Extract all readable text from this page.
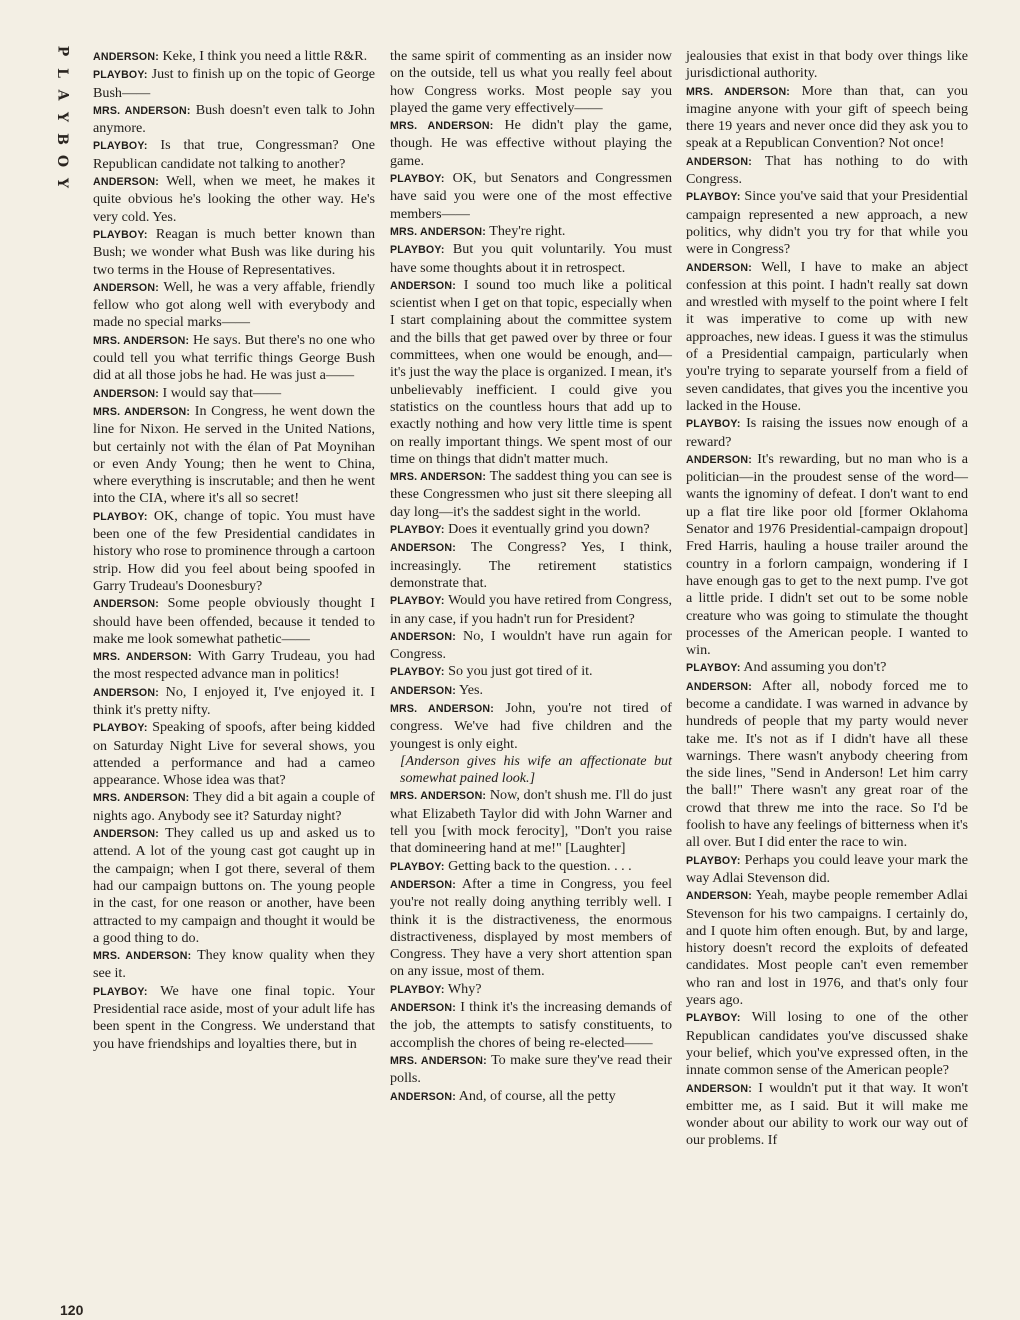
P
L
A
Y
B
O
Y
120

ANDERSON: Keke, I think you need a little R&R.

PLAYBOY: Just to finish up on the topic of George Bush——

MRS. ANDERSON: Bush doesn't even talk to John anymore.

PLAYBOY: Is that true, Congressman? One Republican candidate not talking to another?

ANDERSON: Well, when we meet, he makes it quite obvious he's looking the other way. He's very cold. Yes.

PLAYBOY: Reagan is much better known than Bush; we wonder what Bush was like during his two terms in the House of Representatives.

ANDERSON: Well, he was a very affable, friendly fellow who got along well with everybody and made no special marks——

MRS. ANDERSON: He says. But there's no one who could tell you what terrific things George Bush did at all those jobs he had. He was just a——

ANDERSON: I would say that——

MRS. ANDERSON: In Congress, he went down the line for Nixon. He served in the United Nations, but certainly not with the élan of Pat Moynihan or even Andy Young; then he went to China, where everything is inscrutable; and then he went into the CIA, where it's all so secret!

PLAYBOY: OK, change of topic. You must have been one of the few Presidential candidates in history who rose to prominence through a cartoon strip. How did you feel about being spoofed in Garry Trudeau's Doonesbury?

ANDERSON: Some people obviously thought I should have been offended, because it tended to make me look somewhat pathetic——

MRS. ANDERSON: With Garry Trudeau, you had the most respected advance man in politics!

ANDERSON: No, I enjoyed it, I've enjoyed it. I think it's pretty nifty.

PLAYBOY: Speaking of spoofs, after being kidded on Saturday Night Live for several shows, you attended a performance and had a cameo appearance. Whose idea was that?

MRS. ANDERSON: They did a bit again a couple of nights ago. Anybody see it? Saturday night?

ANDERSON: They called us up and asked us to attend. A lot of the young cast got caught up in the campaign; when I got there, several of them had our campaign buttons on. The young people in the cast, for one reason or another, have been attracted to my campaign and thought it would be a good thing to do.

MRS. ANDERSON: They know quality when they see it.

PLAYBOY: We have one final topic. Your Presidential race aside, most of your adult life has been spent in the Congress. We understand that you have friendships and loyalties there, but in

the same spirit of commenting as an insider now on the outside, tell us what you really feel about how Congress works. Most people say you played the game very effectively——

MRS. ANDERSON: He didn't play the game, though. He was effective without playing the game.

PLAYBOY: OK, but Senators and Congressmen have said you were one of the most effective members——

MRS. ANDERSON: They're right.

PLAYBOY: But you quit voluntarily. You must have some thoughts about it in retrospect.

ANDERSON: I sound too much like a political scientist when I get on that topic, especially when I start complaining about the committee system and the bills that get pawed over by three or four committees, when one would be enough, and—it's just the way the place is organized. I mean, it's unbelievably inefficient. I could give you statistics on the countless hours that add up to exactly nothing and how very little time is spent on really important things. We spent most of our time on things that didn't matter much.

MRS. ANDERSON: The saddest thing you can see is these Congressmen who just sit there sleeping all day long—it's the saddest sight in the world.

PLAYBOY: Does it eventually grind you down?

ANDERSON: The Congress? Yes, I think, increasingly. The retirement statistics demonstrate that.

PLAYBOY: Would you have retired from Congress, in any case, if you hadn't run for President?

ANDERSON: No, I wouldn't have run again for Congress.

PLAYBOY: So you just got tired of it.

ANDERSON: Yes.

MRS. ANDERSON: John, you're not tired of congress. We've had five children and the youngest is only eight.

[Anderson gives his wife an affectionate but somewhat pained look.]

MRS. ANDERSON: Now, don't shush me. I'll do just what Elizabeth Taylor did with John Warner and tell you [with mock ferocity], "Don't you raise that domineering hand at me!" [Laughter]

PLAYBOY: Getting back to the question. . . .

ANDERSON: After a time in Congress, you feel you're not really doing anything terribly well. I think it is the distractiveness, the enormous distractiveness, displayed by most members of Congress. They have a very short attention span on any issue, most of them.

PLAYBOY: Why?

ANDERSON: I think it's the increasing demands of the job, the attempts to satisfy constituents, to accomplish the chores of being re-elected——

MRS. ANDERSON: To make sure they've read their polls.

ANDERSON: And, of course, all the petty

jealousies that exist in that body over things like jurisdictional authority.

MRS. ANDERSON: More than that, can you imagine anyone with your gift of speech being there 19 years and never once did they ask you to speak at a Republican Convention? Not once!

ANDERSON: That has nothing to do with Congress.

PLAYBOY: Since you've said that your Presidential campaign represented a new approach, a new politics, why didn't you try for that while you were in Congress?

ANDERSON: Well, I have to make an abject confession at this point. I hadn't really sat down and wrestled with myself to the point where I felt it was imperative to come up with new approaches, new ideas. I guess it was the stimulus of a Presidential campaign, particularly when you're trying to separate yourself from a field of seven candidates, that gives you the incentive you lacked in the House.

PLAYBOY: Is raising the issues now enough of a reward?

ANDERSON: It's rewarding, but no man who is a politician—in the proudest sense of the word—wants the ignominy of defeat. I don't want to end up a flat tire like poor old [former Oklahoma Senator and 1976 Presidential-campaign dropout] Fred Harris, hauling a house trailer around the country in a forlorn campaign, wondering if I have enough gas to get to the next pump. I've got a little pride. I didn't set out to be some noble creature who was going to stimulate the thought processes of the American people. I wanted to win.

PLAYBOY: And assuming you don't?

ANDERSON: After all, nobody forced me to become a candidate. I was warned in advance by hundreds of people that my party would never take me. It's not as if I didn't have all these warnings. There wasn't anybody cheering from the side lines, "Send in Anderson! Let him carry the ball!" There wasn't any great roar of the crowd that threw me into the race. So I'd be foolish to have any feelings of bitterness when it's all over. But I did enter the race to win.

PLAYBOY: Perhaps you could leave your mark the way Adlai Stevenson did.

ANDERSON: Yeah, maybe people remember Adlai Stevenson for his two campaigns. I certainly do, and I quote him often enough. But, by and large, history doesn't record the exploits of defeated candidates. Most people can't even remember who ran and lost in 1976, and that's only four years ago.

PLAYBOY: Will losing to one of the other Republican candidates you've discussed shake your belief, which you've expressed often, in the innate common sense of the American people?

ANDERSON: I wouldn't put it that way. It won't embitter me, as I said. But it will make me wonder about our ability to work our way out of our problems. If
